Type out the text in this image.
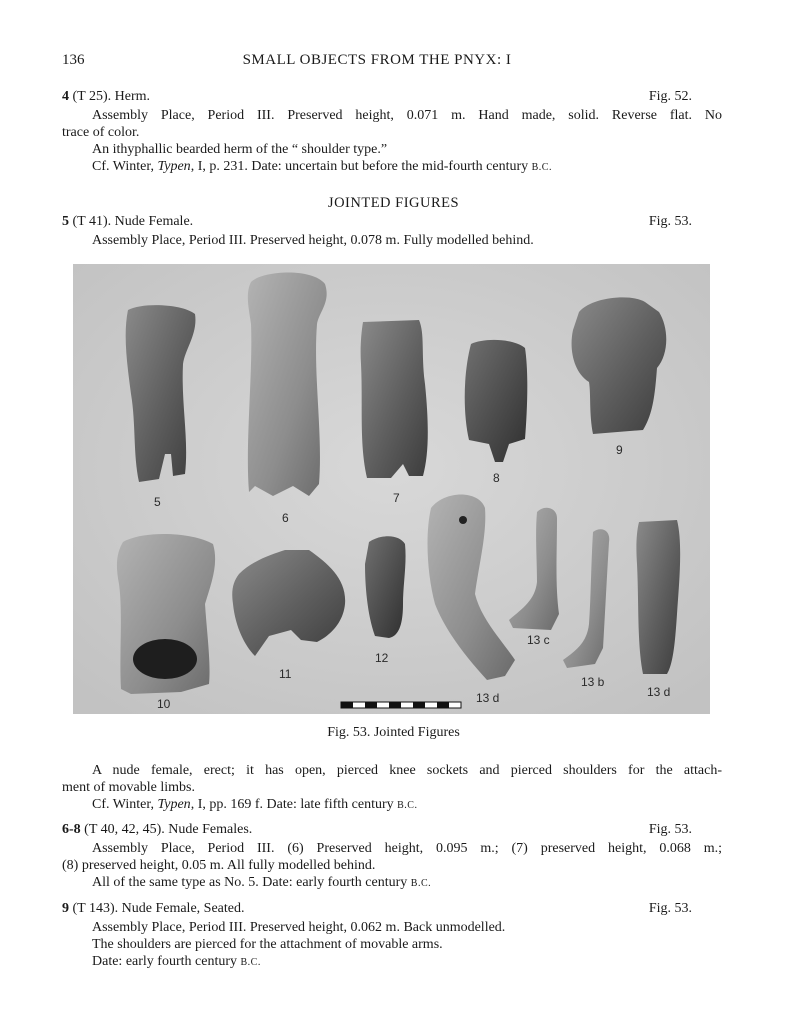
136	SMALL OBJECTS FROM THE PNYX: I
4 (T 25). Herm.	Fig. 52.
Assembly Place, Period III. Preserved height, 0.071 m. Hand made, solid. Reverse flat. No
trace of color.
An ithyphallic bearded herm of the “ shoulder type.”
Cf. Winter, Typen, I, p. 231. Date: uncertain but before the mid-fourth century B.C.
JOINTED FIGURES
5 (T 41). Nude Female.	Fig. 53.
Assembly Place, Period III. Preserved height, 0.078 m. Fully modelled behind.
5
6
7
8
9
10
11
12
13 d
13 c
13 b
13 d
Fig. 53. Jointed Figures
A nude female, erect; it has open, pierced knee sockets and pierced shoulders for the attach-
ment of movable limbs.
Cf. Winter, Typen, I, pp. 169 f. Date: late fifth century B.C.
6-8 (T 40, 42, 45). Nude Females.	Fig. 53.
Assembly Place, Period III. (6) Preserved height, 0.095 m.; (7) preserved height, 0.068 m.;
(8) preserved height, 0.05 m. All fully modelled behind.
All of the same type as No. 5. Date: early fourth century B.C.
9 (T 143). Nude Female, Seated.	Fig. 53.
Assembly Place, Period III. Preserved height, 0.062 m. Back unmodelled.
The shoulders are pierced for the attachment of movable arms.
Date: early fourth century B.C.
